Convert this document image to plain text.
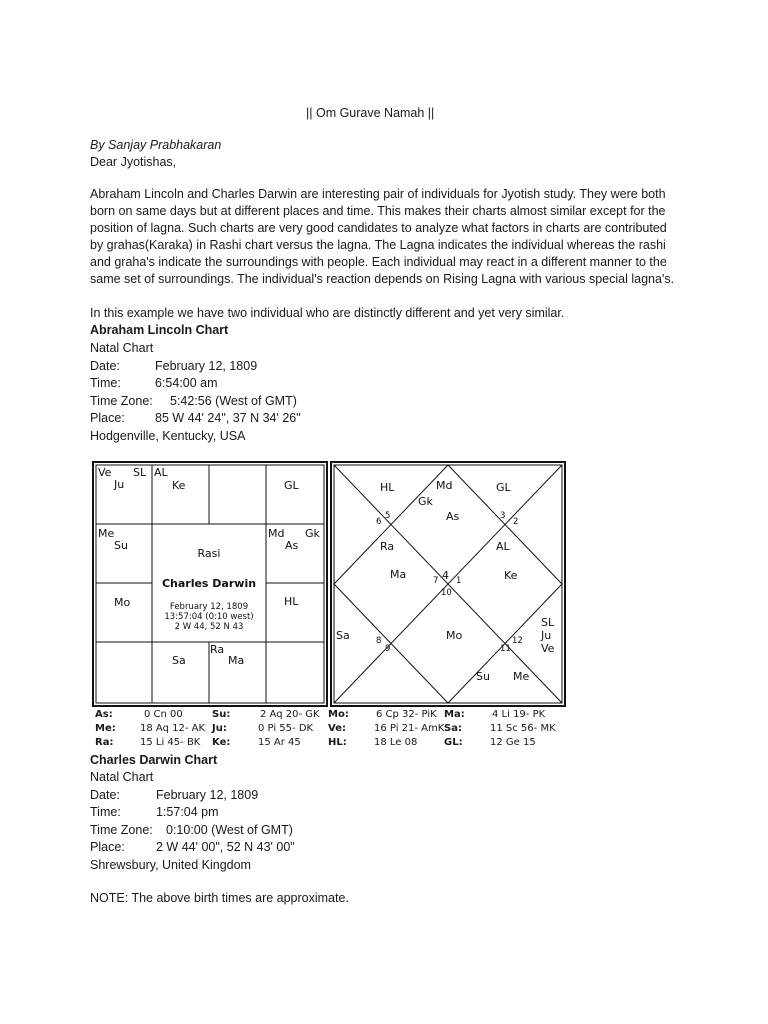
|| Om Gurave Namah ||
By Sanjay Prabhakaran
Dear Jyotishas,
Abraham Lincoln and Charles Darwin are interesting pair of individuals for Jyotish study. They were both
born on same days but at different places and time. This makes their charts almost similar except for the
position of lagna. Such charts are very good candidates to analyze what factors in charts are contributed
by grahas(Karaka) in Rashi chart versus the lagna. The Lagna indicates the individual whereas the rashi
and graha's indicate the surroundings with people. Each individual may react in a different manner to the
same set of surroundings. The individual's reaction depends on Rising Lagna with various special lagna's.
In this example we have two individual who are distinctly different and yet very similar.
Abraham Lincoln Chart
Natal Chart
Date:	February 12, 1809
Time:	6:54:00 am
Time Zone: 5:42:56 (West of GMT)
Place: 85 W 44' 24", 37 N 34' 26"
Hodgenville, Kentucky, USA
Ve SL
Ju
AL
Ke	GL
Me
Su
Md Gk
As
Mo	HL
Sa
Ra
Ma
Rasi
Charles Darwin
February 12, 1809
13:57:04 (0:10 west)
2 W 44, 52 N 43
HL	Md	GL
Gk
As
Ra	AL
Ma	Ke
Sa	Mo
SL
Ju
Ve
Su Me
5
6
3
2
4
7 1
10
8
9
12
11
As:	0 Cn 00	Su:	2 Aq 20- GK Mo:	6 Cp 32- PiK Ma:	4 Li 19- PK
Me: 18 Aq 12- AK Ju:	0 Pi 55- DK Ve:	16 Pi 21- AmK Sa:	11 Sc 56- MK
Ra:	15 Li 45- BK Ke:	15 Ar 45	HL:	18 Le 08	GL:	12 Ge 15
Charles Darwin Chart
Natal Chart
Date:	February 12, 1809
Time:	1:57:04 pm
Time Zone: 0:10:00 (West of GMT)
Place:	2 W 44' 00", 52 N 43' 00"
Shrewsbury, United Kingdom
NOTE: The above birth times are approximate.
